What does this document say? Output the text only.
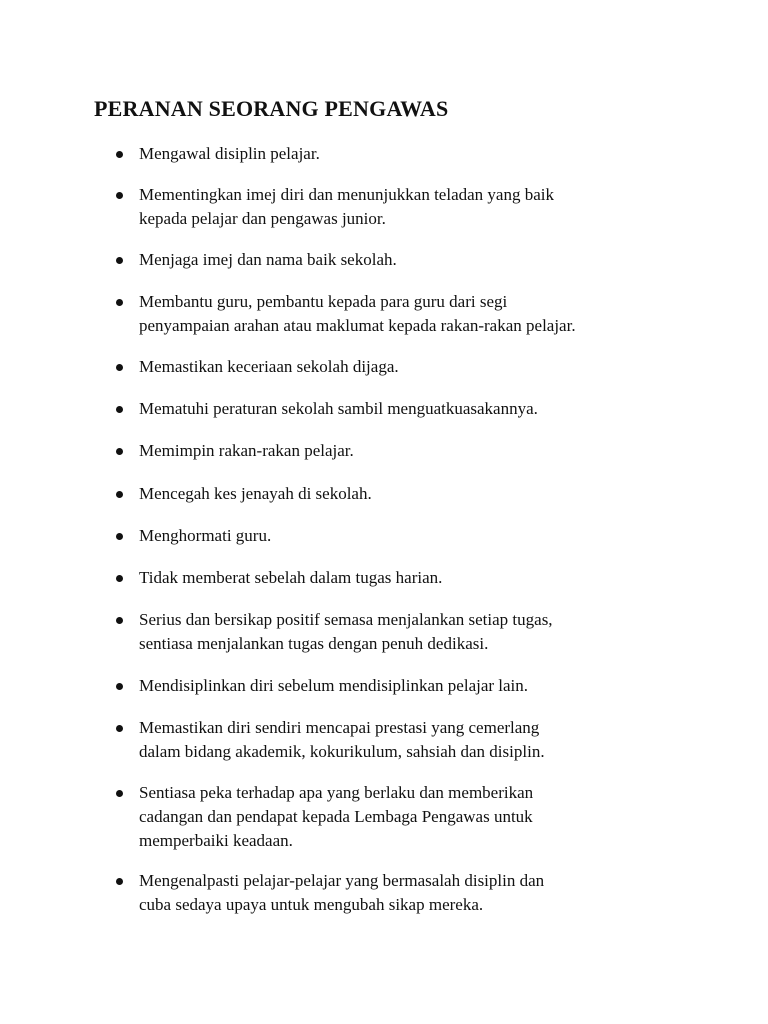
PERANAN SEORANG PENGAWAS
Mengawal disiplin pelajar.
Mementingkan imej diri dan menunjukkan teladan yang baik
kepada pelajar dan pengawas junior.
Menjaga imej dan nama baik sekolah.
Membantu guru, pembantu kepada para guru dari segi
penyampaian arahan atau maklumat kepada rakan-rakan pelajar.
Memastikan keceriaan sekolah dijaga.
Mematuhi peraturan sekolah sambil menguatkuasakannya.
Memimpin rakan-rakan pelajar.
Mencegah kes jenayah di sekolah.
Menghormati guru.
Tidak memberat sebelah dalam tugas harian.
Serius dan bersikap positif semasa menjalankan setiap tugas,
sentiasa menjalankan tugas dengan penuh dedikasi.
Mendisiplinkan diri sebelum mendisiplinkan pelajar lain.
Memastikan diri sendiri mencapai prestasi yang cemerlang
dalam bidang akademik, kokurikulum, sahsiah dan disiplin.
Sentiasa peka terhadap apa yang berlaku dan memberikan
cadangan dan pendapat kepada Lembaga Pengawas untuk
memperbaiki keadaan.
Mengenalpasti pelajar-pelajar yang bermasalah disiplin dan
cuba sedaya upaya untuk mengubah sikap mereka.
